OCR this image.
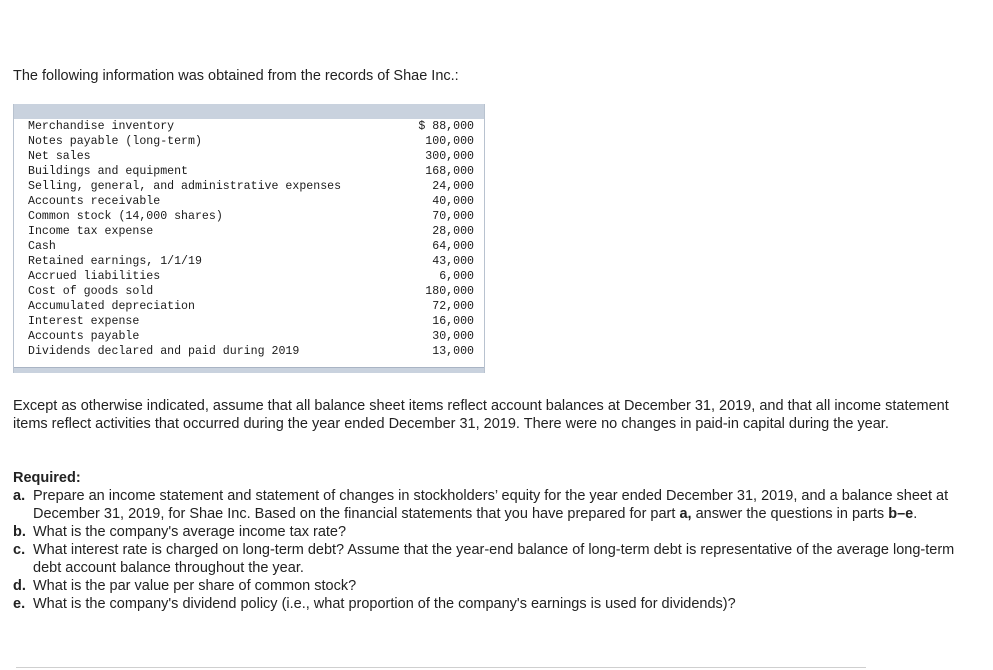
The following information was obtained from the records of Shae Inc.:
Merchandise inventory	$ 88,000
Notes payable (long-term)	100,000
Net sales	300,000
Buildings and equipment	168,000
Selling, general, and administrative expenses	24,000
Accounts receivable	40,000
Common stock (14,000 shares)	70,000
Income tax expense	28,000
Cash	64,000
Retained earnings, 1/1/19	43,000
Accrued liabilities	6,000
Cost of goods sold	180,000
Accumulated depreciation	72,000
Interest expense	16,000
Accounts payable	30,000
Dividends declared and paid during 2019	13,000
Except as otherwise indicated, assume that all balance sheet items reflect account balances at December 31, 2019, and that all income statement items reflect activities that occurred during the year ended December 31, 2019. There were no changes in paid-in capital during the year.
Required:
a. Prepare an income statement and statement of changes in stockholders’ equity for the year ended December 31, 2019, and a balance sheet at December 31, 2019, for Shae Inc. Based on the financial statements that you have prepared for part a, answer the questions in parts b–e.
b. What is the company's average income tax rate?
c. What interest rate is charged on long-term debt? Assume that the year-end balance of long-term debt is representative of the average long-term debt account balance throughout the year.
d. What is the par value per share of common stock?
e. What is the company's dividend policy (i.e., what proportion of the company's earnings is used for dividends)?
